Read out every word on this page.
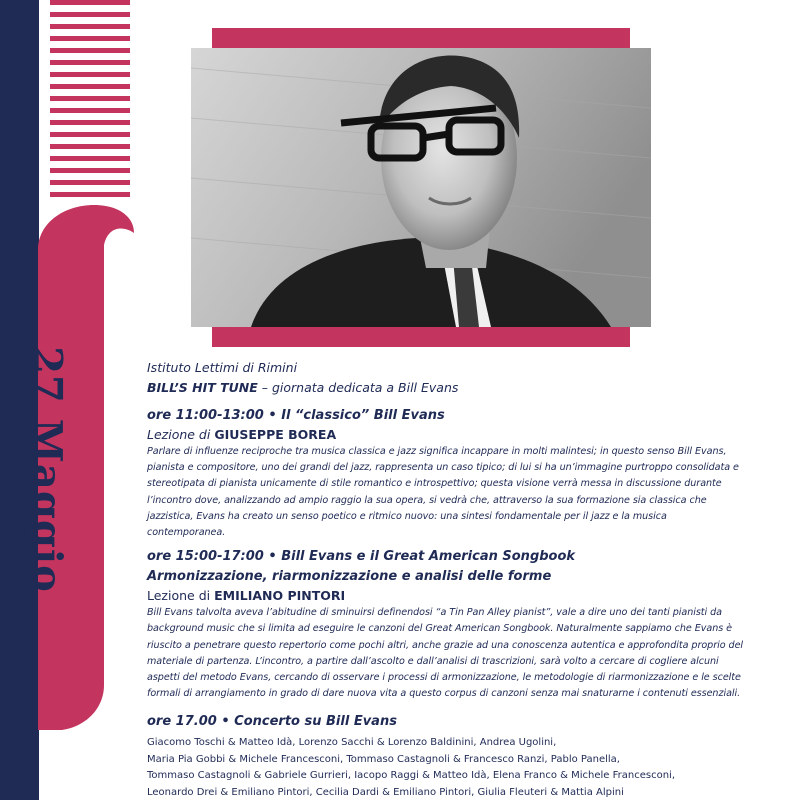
27 Maggio	Istituto Lettimi di Rimini

BILL’S HIT TUNE – giornata dedicata a Bill Evans

ore 11:00-13:00 • Il “classico” Bill Evans

Lezione di GIUSEPPE BOREA

Parlare di influenze reciproche tra musica classica e jazz significa incappare in molti malintesi; in questo senso Bill Evans, pianista e compositore, uno dei grandi del jazz, rappresenta un caso tipico; di lui si ha un’immagine purtroppo consolidata e stereotipata di pianista unicamente di stile romantico e introspettivo; questa visione verrà messa in discussione durante l’incontro dove, analizzando ad ampio raggio la sua opera, si vedrà che, attraverso la sua formazione sia classica che jazzistica, Evans ha creato un senso poetico e ritmico nuovo: una sintesi fondamentale per il jazz e la musica contemporanea.

ore 15:00-17:00 • Bill Evans e il Great American Songbook

Armonizzazione, riarmonizzazione e analisi delle forme

Lezione di EMILIANO PINTORI

Bill Evans talvolta aveva l’abitudine di sminuirsi definendosi “a Tin Pan Alley pianist”, vale a dire uno dei tanti pianisti da background music che si limita ad eseguire le canzoni del Great American Songbook. Naturalmente sappiamo che Evans è riuscito a penetrare questo repertorio come pochi altri, anche grazie ad una conoscenza autentica e approfondita proprio del materiale di partenza. L’incontro, a partire dall’ascolto e dall’analisi di trascrizioni, sarà volto a cercare di cogliere alcuni aspetti del metodo Evans, cercando di osservare i processi di armonizzazione, le metodologie di riarmonizzazione e le scelte formali di arrangiamento in grado di dare nuova vita a questo corpus di canzoni senza mai snaturarne i contenuti essenziali.

ore 17.00 • Concerto su Bill Evans

Giacomo Toschi & Matteo Idà, Lorenzo Sacchi & Lorenzo Baldinini, Andrea Ugolini,

Maria Pia Gobbi & Michele Francesconi, Tommaso Castagnoli & Francesco Ranzi, Pablo Panella,

Tommaso Castagnoli & Gabriele Gurrieri, Iacopo Raggi & Matteo Idà, Elena Franco & Michele Francesconi,

Leonardo Drei & Emiliano Pintori, Cecilia Dardi & Emiliano Pintori, Giulia Fleuteri & Mattia Alpini
